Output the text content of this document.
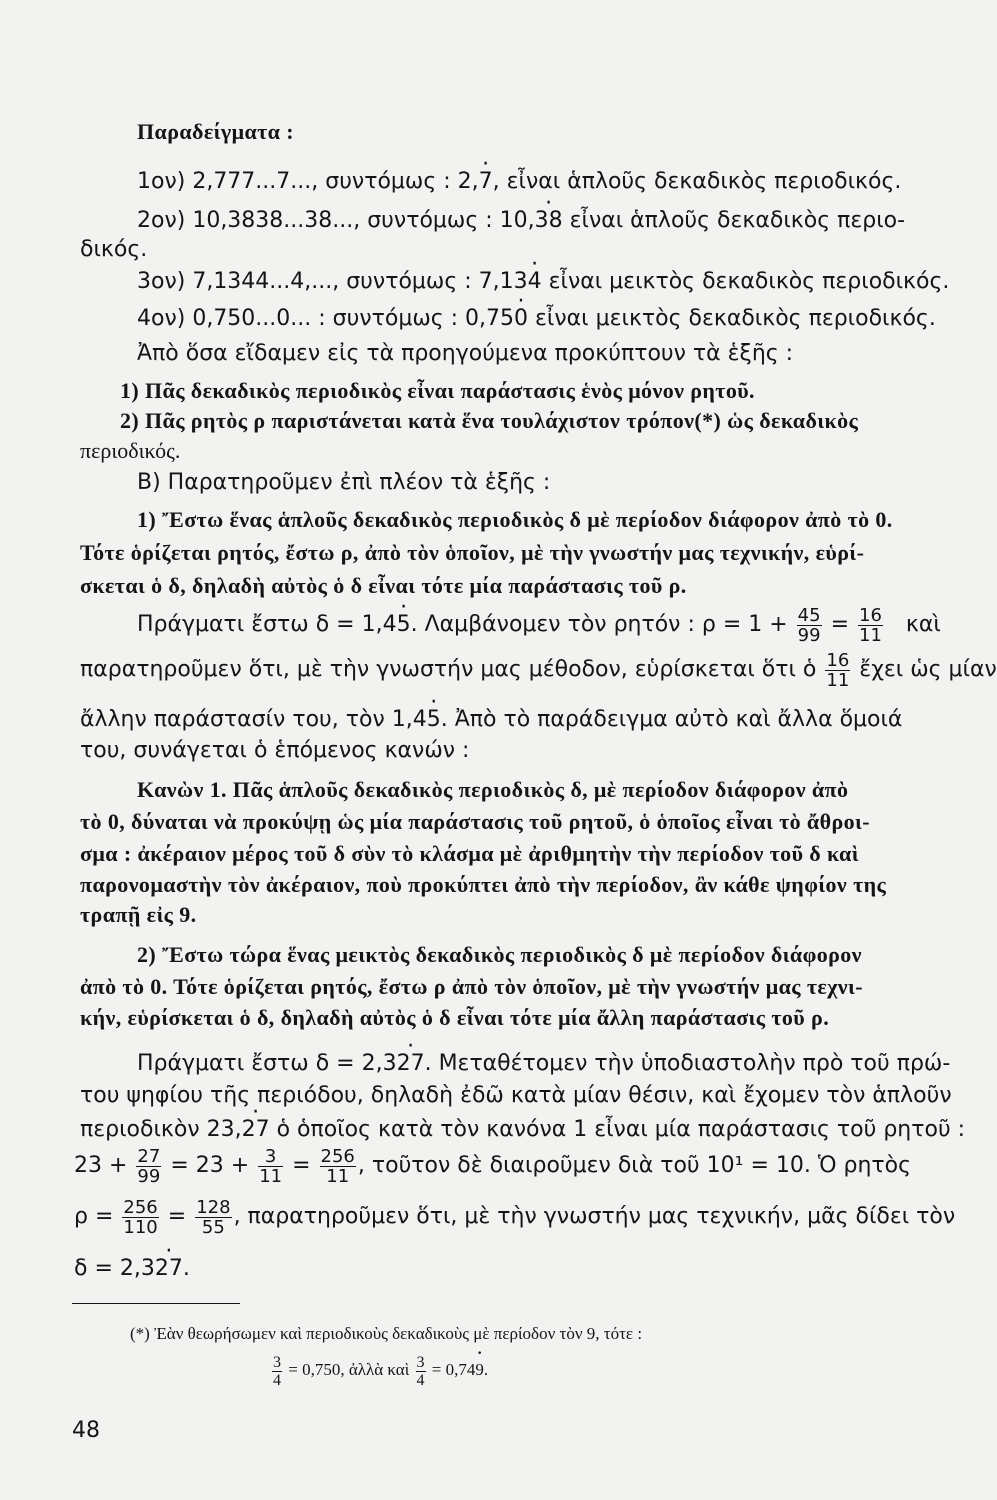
Παραδείγματα :
1ον) 2,777...7..., συντόμως : 2,· 7, εἶναι ἁπλοῦς δεκαδικὸς περιοδικός.
2ον) 10,3838...38..., συντόμως : 10,· 38 εἶναι ἁπλοῦς δεκαδικὸς περιο-
δικός.
3ον) 7,1344...4,..., συντόμως : 7,13· 4 εἶναι μεικτὸς δεκαδικὸς περιοδικός.
4ον) 0,750...0... : συντόμως : 0,75· 0 εἶναι μεικτὸς δεκαδικὸς περιοδικός.
Ἀπὸ ὅσα εἴδαμεν εἰς τὰ προηγούμενα προκύπτουν τὰ ἑξῆς :
1) Πᾶς δεκαδικὸς περιοδικὸς εἶναι παράστασις ἑνὸς μόνον ρητοῦ.
2) Πᾶς ρητὸς ρ παριστάνεται κατὰ ἕνα τουλάχιστον τρόπον(*) ὡς δεκαδικὸς
περιοδικός.
Β) Παρατηροῦμεν ἐπὶ πλέον τὰ ἑξῆς :
1) Ἔστω ἕνας ἁπλοῦς δεκαδικὸς περιοδικὸς δ μὲ περίοδον διάφορον ἀπὸ τὸ 0.
Τότε ὁρίζεται ρητός, ἔστω ρ, ἀπὸ τὸν ὁποῖον, μὲ τὴν γνωστήν μας τεχνικήν, εὑρί-
σκεται ὁ δ, δηλαδὴ αὐτὸς ὁ δ εἶναι τότε μία παράστασις τοῦ ρ.
Πράγματι ἔστω δ = 1,4· 5. Λαμβάνομεν τὸν ρητόν : $\rho = 1 + \frac{45}{99} = \frac{16}{11}$ καὶ
παρατηροῦμεν ὅτι, μὲ τὴν γνωστήν μας μέθοδον, εὑρίσκεται ὅτι ὁ $\frac{16}{11}$ ἔχει ὡς μίαν
ἄλλην παράστασίν του, τὸν 1,4· 5. Ἀπὸ τὸ παράδειγμα αὐτὸ καὶ ἄλλα ὅμοιά
του, συνάγεται ὁ ἑπόμενος κανών :
Κανὼν 1. Πᾶς ἁπλοῦς δεκαδικὸς περιοδικὸς δ, μὲ περίοδον διάφορον ἀπὸ
τὸ 0, δύναται νὰ προκύψῃ ὡς μία παράστασις τοῦ ρητοῦ, ὁ ὁποῖος εἶναι τὸ ἄθροι-
σμα : ἀκέραιον μέρος τοῦ δ σὺν τὸ κλάσμα μὲ ἀριθμητὴν τὴν περίοδον τοῦ δ καὶ
παρονομαστὴν τὸν ἀκέραιον, ποὺ προκύπτει ἀπὸ τὴν περίοδον, ἂν κάθε ψηφίον της
τραπῇ εἰς 9.
2) Ἔστω τώρα ἕνας μεικτὸς δεκαδικὸς περιοδικὸς δ μὲ περίοδον διάφορον
ἀπὸ τὸ 0. Τότε ὁρίζεται ρητός, ἔστω ρ ἀπὸ τὸν ὁποῖον, μὲ τὴν γνωστήν μας τεχνι-
κήν, εὑρίσκεται ὁ δ, δηλαδὴ αὐτὸς ὁ δ εἶναι τότε μία ἄλλη παράστασις τοῦ ρ.
Πράγματι ἔστω δ = 2,3· 27. Μεταθέτομεν τὴν ὑποδιαστολὴν πρὸ τοῦ πρώ-
του ψηφίου τῆς περιόδου, δηλαδὴ ἐδῶ κατὰ μίαν θέσιν, καὶ ἔχομεν τὸν ἁπλοῦν
περιοδικὸν 23,· 27 ὁ ὁποῖος κατὰ τὸν κανόνα 1 εἶναι μία παράστασις τοῦ ρητοῦ :
$23 + \frac{27}{99} = 23 + \frac{3}{11} = \frac{256}{11}$ , τοῦτον δὲ διαιροῦμεν διὰ τοῦ 10¹ = 10. Ὁ ρητὸς
$\rho = \frac{256}{110} = \frac{128}{55}$ , παρατηροῦμεν ὅτι, μὲ τὴν γνωστήν μας τεχνικήν, μᾶς δίδει τὸν
δ = 2,3· 27.
(*) Ἐὰν θεωρήσωμεν καὶ περιοδικοὺς δεκαδικοὺς μὲ περίοδον τὸν 9, τότε :
$\frac{3}{4} = 0,750$, ἀλλὰ καὶ $\frac{3}{4} = 0,74\cdot 9$.
48
